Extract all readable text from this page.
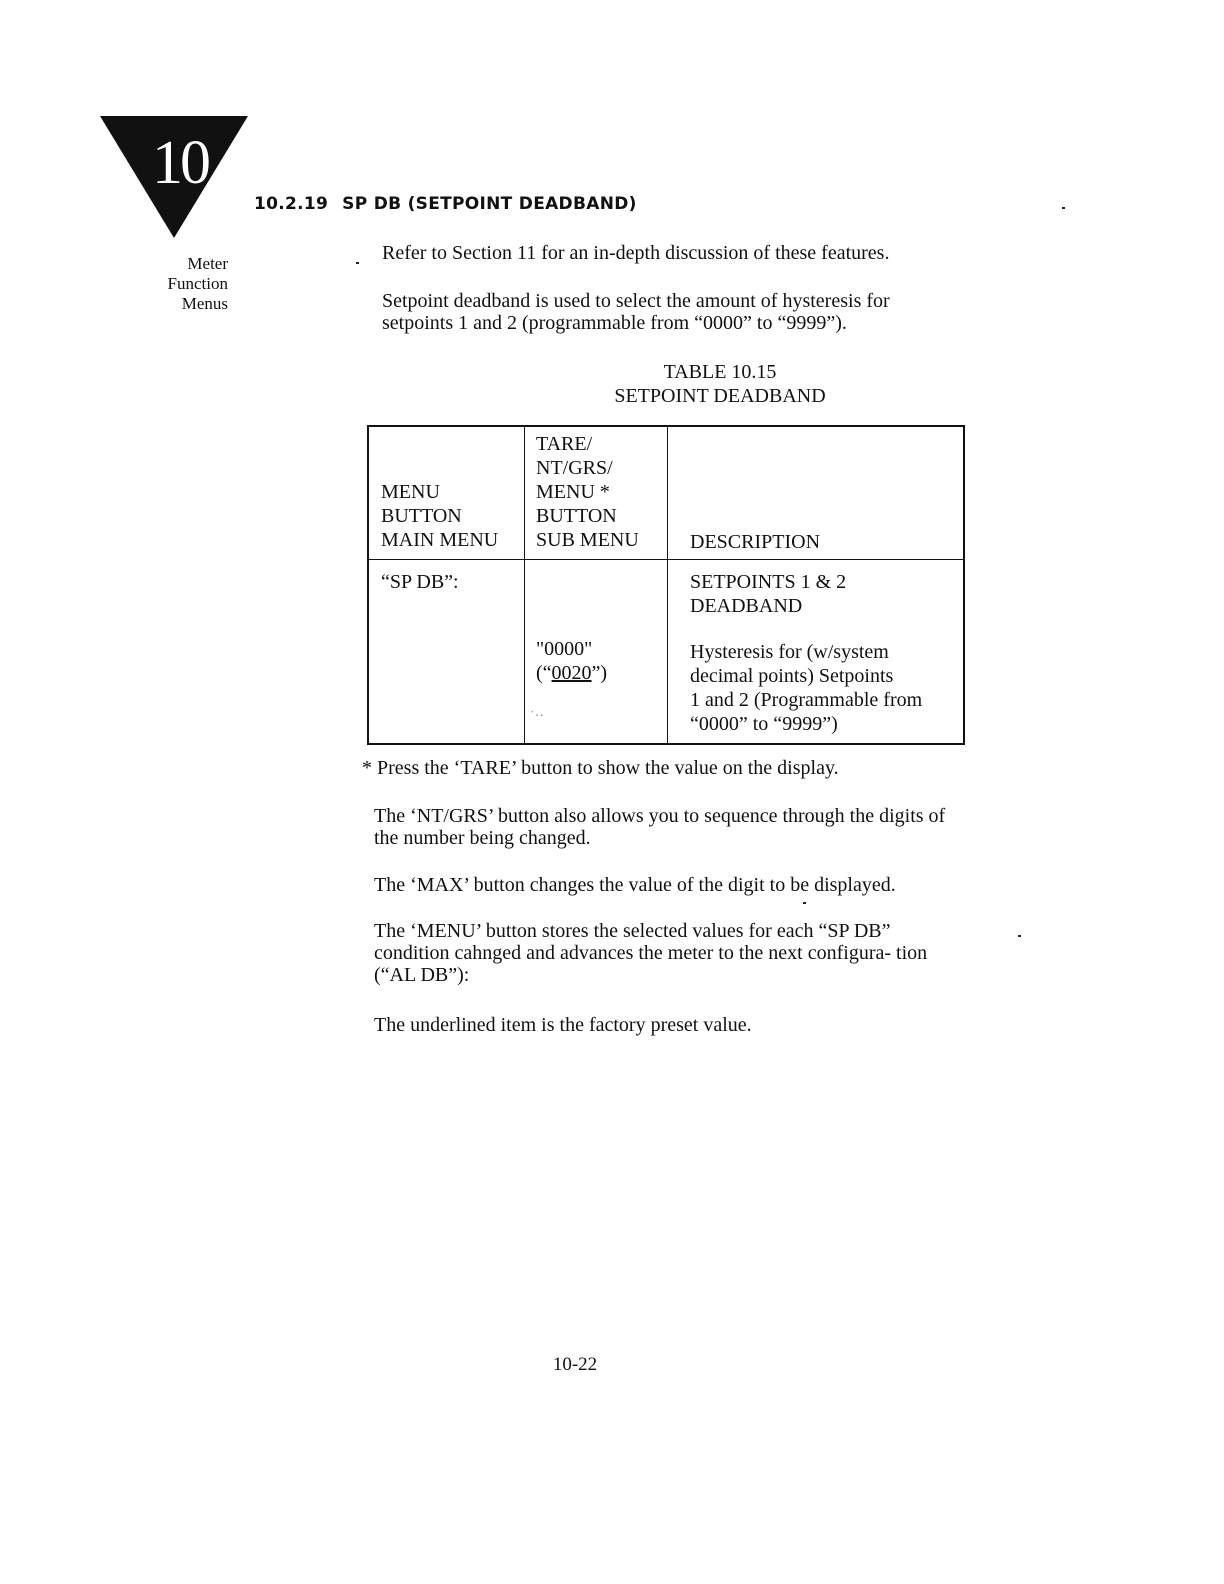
10
Meter
Function
Menus
10.2.19 SP DB (SETPOINT DEADBAND)
Refer to Section 11 for an in-depth discussion of these features.
Setpoint deadband is used to select the amount of hysteresis for setpoints 1 and 2 (programmable from “0000” to “9999”).
TABLE 10.15
SETPOINT DEADBAND
MENU
BUTTON
MAIN MENU
TARE/
NT/GRS/
MENU *
BUTTON
SUB MENU	DESCRIPTION
“SP DB”:
"0000"
(“0020”)
˙··
SETPOINTS 1 & 2
DEADBAND
Hysteresis for (w/system
decimal points) Setpoints
1 and 2 (Programmable from
“0000” to “9999”)
* Press the ‘TARE’ button to show the value on the display.
The ‘NT/GRS’ button also allows you to sequence through the digits of the number being changed.
The ‘MAX’ button changes the value of the digit to be displayed.
The ‘MENU’ button stores the selected values for each “SP DB” condition cahnged and advances the meter to the next configura- tion (“AL DB”):
The underlined item is the factory preset value.
10-22
